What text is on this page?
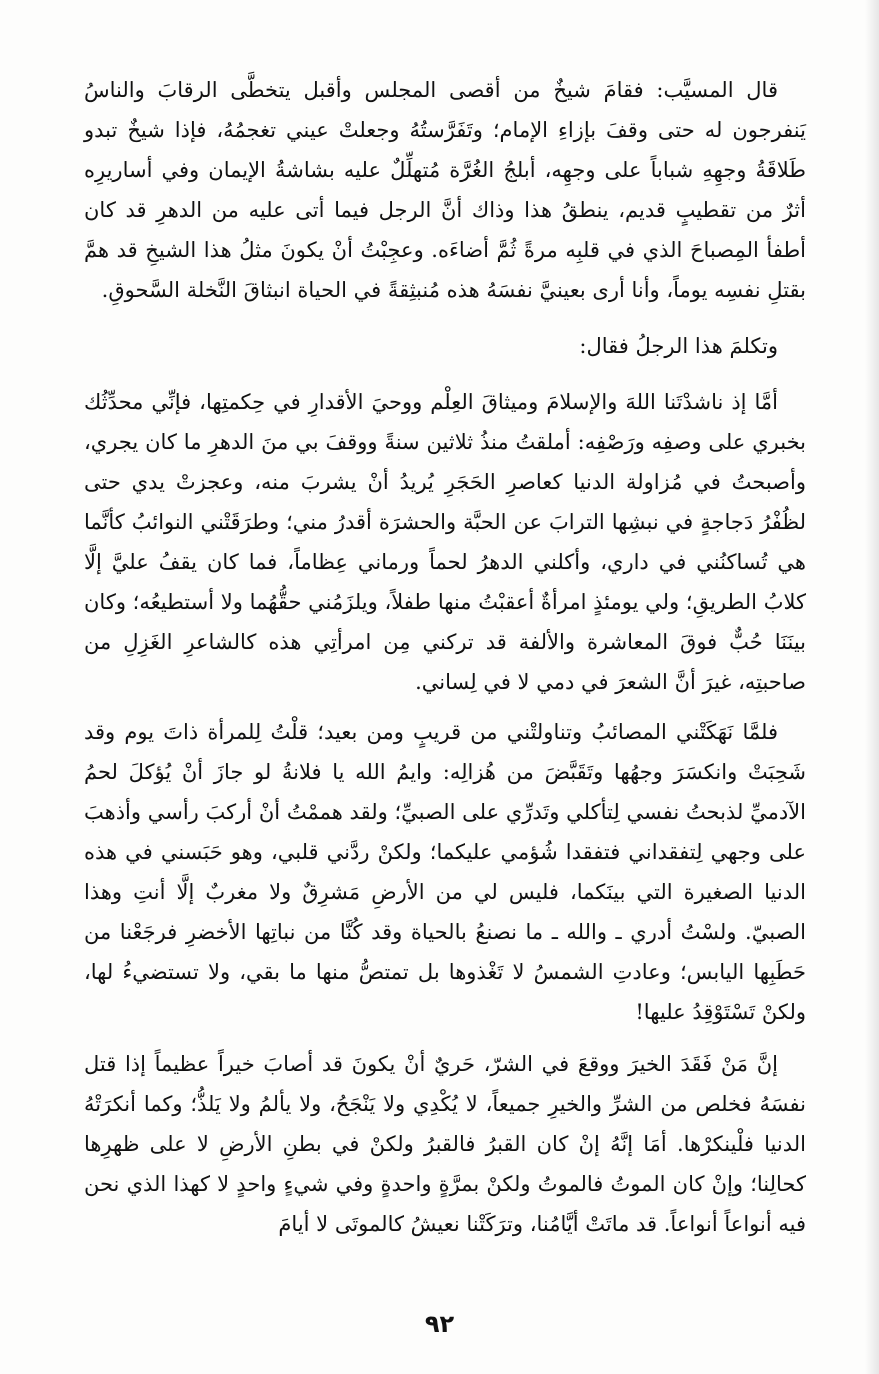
قال المسيَّب: فقامَ شيخٌ من أقصى المجلس وأقبل يتخطَّى الرقابَ والناسُ يَنفرجون له حتى وقفَ بإزاءِ الإمام؛ وتَفَرَّستُهُ وجعلتْ عيني تغجمُهُ، فإذا شيخٌ تبدو طَلاقَةُ وجهِهِ شباباً على وجهِه، أبلجُ الغُرَّة مُتهلِّلٌ عليه بشاشةُ الإيمان وفي أساريرِه أثرٌ من تقطيبٍ قديم، ينطقُ هذا وذاك أنَّ الرجل فيما أتى عليه من الدهرِ قد كان أطفأ المِصباحَ الذي في قلبِه مرةً ثُمَّ أضاءَه. وعجِبْتُ أنْ يكونَ مثلُ هذا الشيخِ قد همَّ بقتلِ نفسِه يوماً، وأنا أرى بعينيَّ نفسَهُ هذه مُنبثِقةً في الحياة انبثاقَ النَّخلة السَّحوقِ.

وتكلمَ هذا الرجلُ فقال:

أمَّا إذ ناشدْتَنا اللهَ والإسلامَ وميثاقَ العِلْم ووحيَ الأقدارِ في حِكمتِها، فإنِّي محدِّثُك بخبري على وصفِه ورَصْفِه: أملقتُ منذُ ثلاثين سنةً ووقفَ بي منَ الدهرِ ما كان يجري، وأصبحتُ في مُزاولة الدنيا كعاصرِ الحَجَرِ يُريدُ أنْ يشربَ منه، وعجزتْ يدي حتى لظُفْرُ دَجاجةٍ في نبشِها الترابَ عن الحبَّة والحشرَة أقدرُ مني؛ وطرَقَتْني النوائبُ كأنَّما هي تُساكنُني في داري، وأكلني الدهرُ لحماً ورماني عِظاماً، فما كان يقفُ عليَّ إلَّا كلابُ الطريقِ؛ ولي يومئذٍ امرأةٌ أعقبْتُ منها طفلاً، ويلزَمُني حقُّهُما ولا أستطيعُه؛ وكان بينَنَا حُبٌّ فوقَ المعاشرة والألفة قد تركني مِن امرأتِي هذه كالشاعرِ الغَزِلِ من صاحبتِه، غيرَ أنَّ الشعرَ في دمي لا في لِساني.

فلمَّا نَهَكَتْني المصائبُ وتناولتْني من قريبٍ ومن بعيد؛ قلْتُ لِلمرأة ذاتَ يوم وقد شَحِبَتْ وانكسَرَ وجهُها وتَقَبَّضَ من هُزالِه: وايمُ الله يا فلانةُ لو جازَ أنْ يُؤكلَ لحمُ الآدميِّ لذبحتُ نفسي لِتأكلي وتَدرِّي على الصبيِّ؛ ولقد هممْتُ أنْ أركبَ رأسي وأذهبَ على وجهي لِتفقداني فتفقدا شُؤمي عليكما؛ ولكنْ ردَّني قلبي، وهو حَبَسني في هذه الدنيا الصغيرة التي بينَكما، فليس لي من الأرضِ مَشرِقٌ ولا مغربٌ إلَّا أنتِ وهذا الصبيّ. ولسْتُ أدري ـ والله ـ ما نصنعُ بالحياة وقد كُنَّا من نباتِها الأخضرِ فرجَعْنا من حَطَبِها اليابس؛ وعادتِ الشمسُ لا تَغْذوها بل تمتصُّ منها ما بقي، ولا تستضيءُ لها، ولكنْ تَسْتَوْقِدُ عليها!

إنَّ مَنْ فَقَدَ الخيرَ ووقعَ في الشرّ، حَريٌ أنْ يكونَ قد أصابَ خيراً عظيماً إذا قتل نفسَهُ فخلص من الشرِّ والخيرِ جميعاً، لا يُكْدِي ولا يَنْجَحُ، ولا يألمُ ولا يَلذُّ؛ وكما أنكرَتْهُ الدنيا فلْينكرْها. أمَا إنَّهُ إنْ كان القبرُ فالقبرُ ولكنْ في بطنِ الأرضِ لا على ظهرِها كحالِنا؛ وإنْ كان الموتُ فالموتُ ولكنْ بمرَّةٍ واحدةٍ وفي شيءٍ واحدٍ لا كهذا الذي نحن فيه أنواعاً أنواعاً. قد ماتَتْ أيَّامُنا، وترَكَتْنا نعيشُ كالموتَى لا أيامَ

٩٢
